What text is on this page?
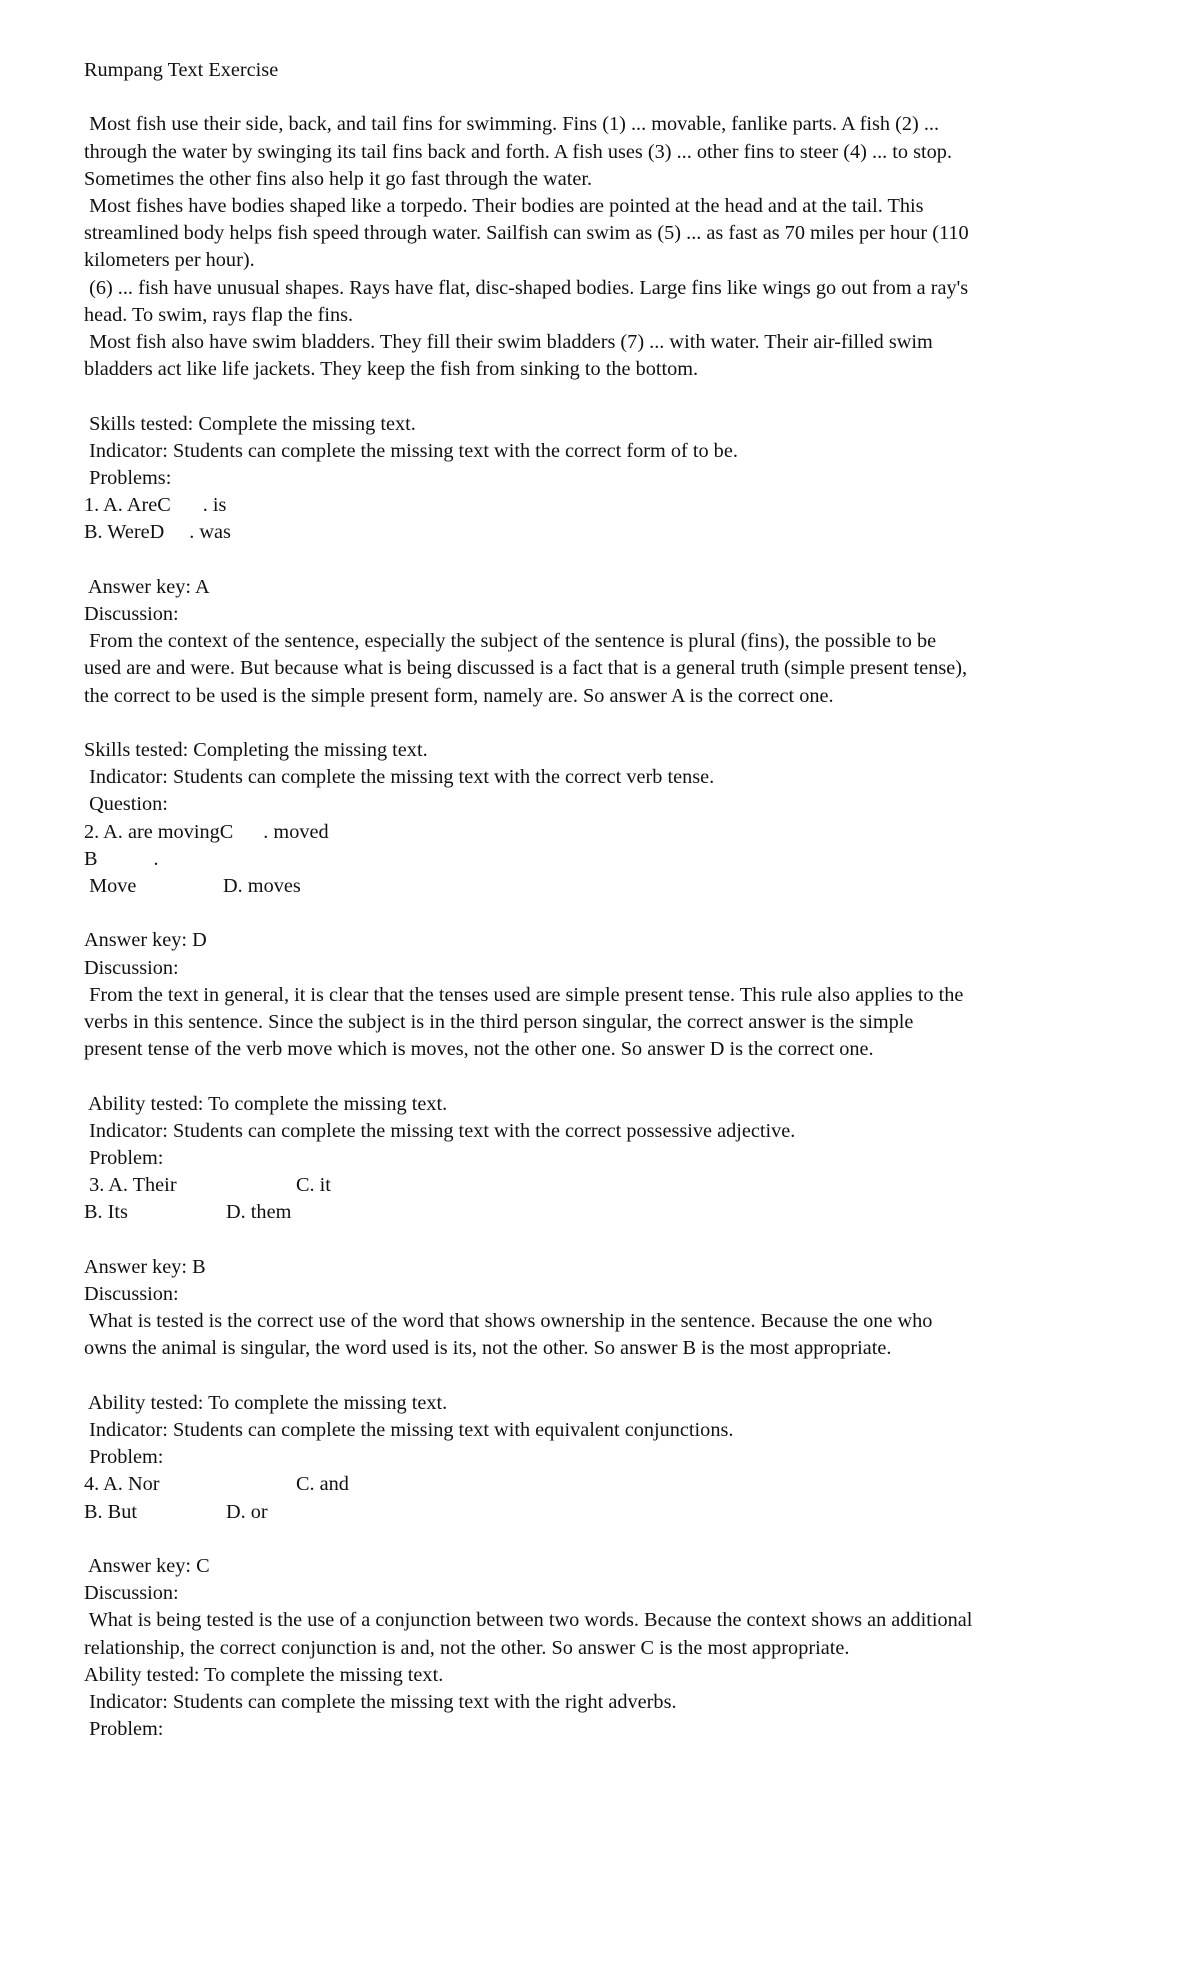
Rumpang Text Exercise
Most fish use their side, back, and tail fins for swimming. Fins (1) ... movable, fanlike parts. A fish (2) ...
through the water by swinging its tail fins back and forth. A fish uses (3) ... other fins to steer (4) ... to stop.
Sometimes the other fins also help it go fast through the water.
Most fishes have bodies shaped like a torpedo. Their bodies are pointed at the head and at the tail. This
streamlined body helps fish speed through water. Sailfish can swim as (5) ... as fast as 70 miles per hour (110
kilometers per hour).
(6) ... fish have unusual shapes. Rays have flat, disc-shaped bodies. Large fins like wings go out from a ray's
head. To swim, rays flap the fins.
Most fish also have swim bladders. They fill their swim bladders (7) ... with water. Their air-filled swim
bladders act like life jackets. They keep the fish from sinking to the bottom.
Skills tested: Complete the missing text.
Indicator: Students can complete the missing text with the correct form of to be.
Problems:
1. A. AreC . is
B. WereD . was
Answer key: A
Discussion:
From the context of the sentence, especially the subject of the sentence is plural (fins), the possible to be
used are and were. But because what is being discussed is a fact that is a general truth (simple present tense),
the correct to be used is the simple present form, namely are. So answer A is the correct one.
Skills tested: Completing the missing text.
Indicator: Students can complete the missing text with the correct verb tense.
Question:
2. A. are movingC . moved
B	.
Move	D. moves
Answer key: D
Discussion:
From the text in general, it is clear that the tenses used are simple present tense. This rule also applies to the
verbs in this sentence. Since the subject is in the third person singular, the correct answer is the simple
present tense of the verb move which is moves, not the other one. So answer D is the correct one.
Ability tested: To complete the missing text.
Indicator: Students can complete the missing text with the correct possessive adjective.
Problem:
3. A. Their	C. it
B. Its	D. them
Answer key: B
Discussion:
What is tested is the correct use of the word that shows ownership in the sentence. Because the one who
owns the animal is singular, the word used is its, not the other. So answer B is the most appropriate.
Ability tested: To complete the missing text.
Indicator: Students can complete the missing text with equivalent conjunctions.
Problem:
4. A. Nor	C. and
B. But	D. or
Answer key: C
Discussion:
What is being tested is the use of a conjunction between two words. Because the context shows an additional
relationship, the correct conjunction is and, not the other. So answer C is the most appropriate.
Ability tested: To complete the missing text.
Indicator: Students can complete the missing text with the right adverbs.
Problem:
